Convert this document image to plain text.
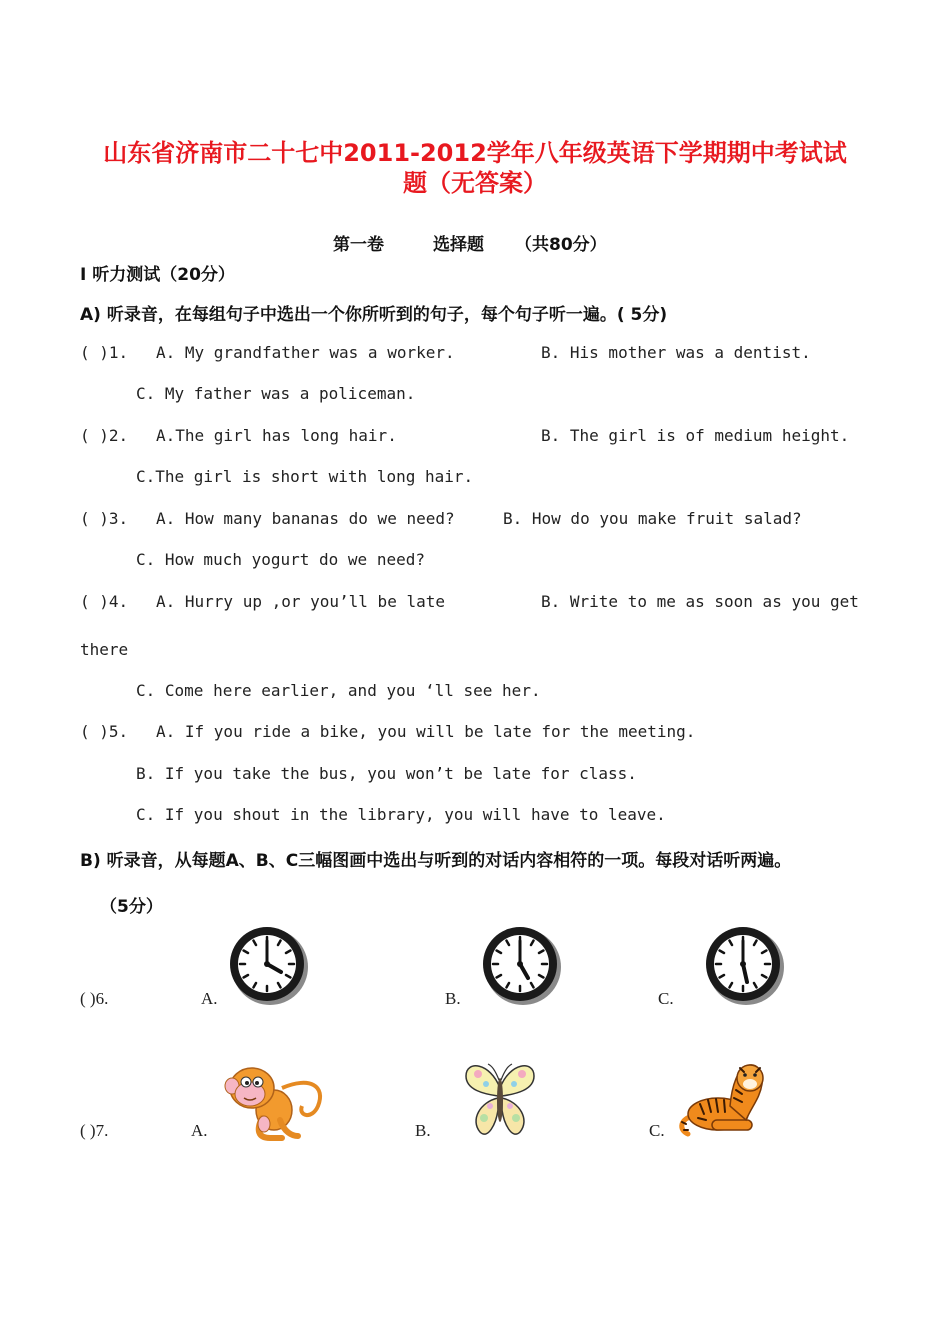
山东省济南市二十七中2011-2012学年八年级英语下学期期中考试试
题（无答案）
第一卷	选择题 （共80分）
I 听力测试（20分）
A) 听录音，在每组句子中选出一个你所听到的句子，每个句子听一遍。( 5分)
( )1. A. My grandfather was a worker.	B. His mother was a dentist.
C. My father was a policeman.
( )2. A.The girl has long hair.	B. The girl is of medium height.
C.The girl is short with long hair.
( )3. A. How many bananas do we need?	B. How do you make fruit salad?
C. How much yogurt do we need?
( )4. A. Hurry up ,or you’ll be late	B. Write to me as soon as you get
there
C. Come here earlier, and you ‘ll see her.
( )5. A. If you ride a bike, you will be late for the meeting.
B. If you take the bus, you won’t be late for class.
C. If you shout in the library, you will have to leave.
B) 听录音，从每题A、B、C三幅图画中选出与听到的对话内容相符的一项。每段对话听两遍。
（5分）
( )6.	A.	B.	C.
( )7.	A.	B.	C.
